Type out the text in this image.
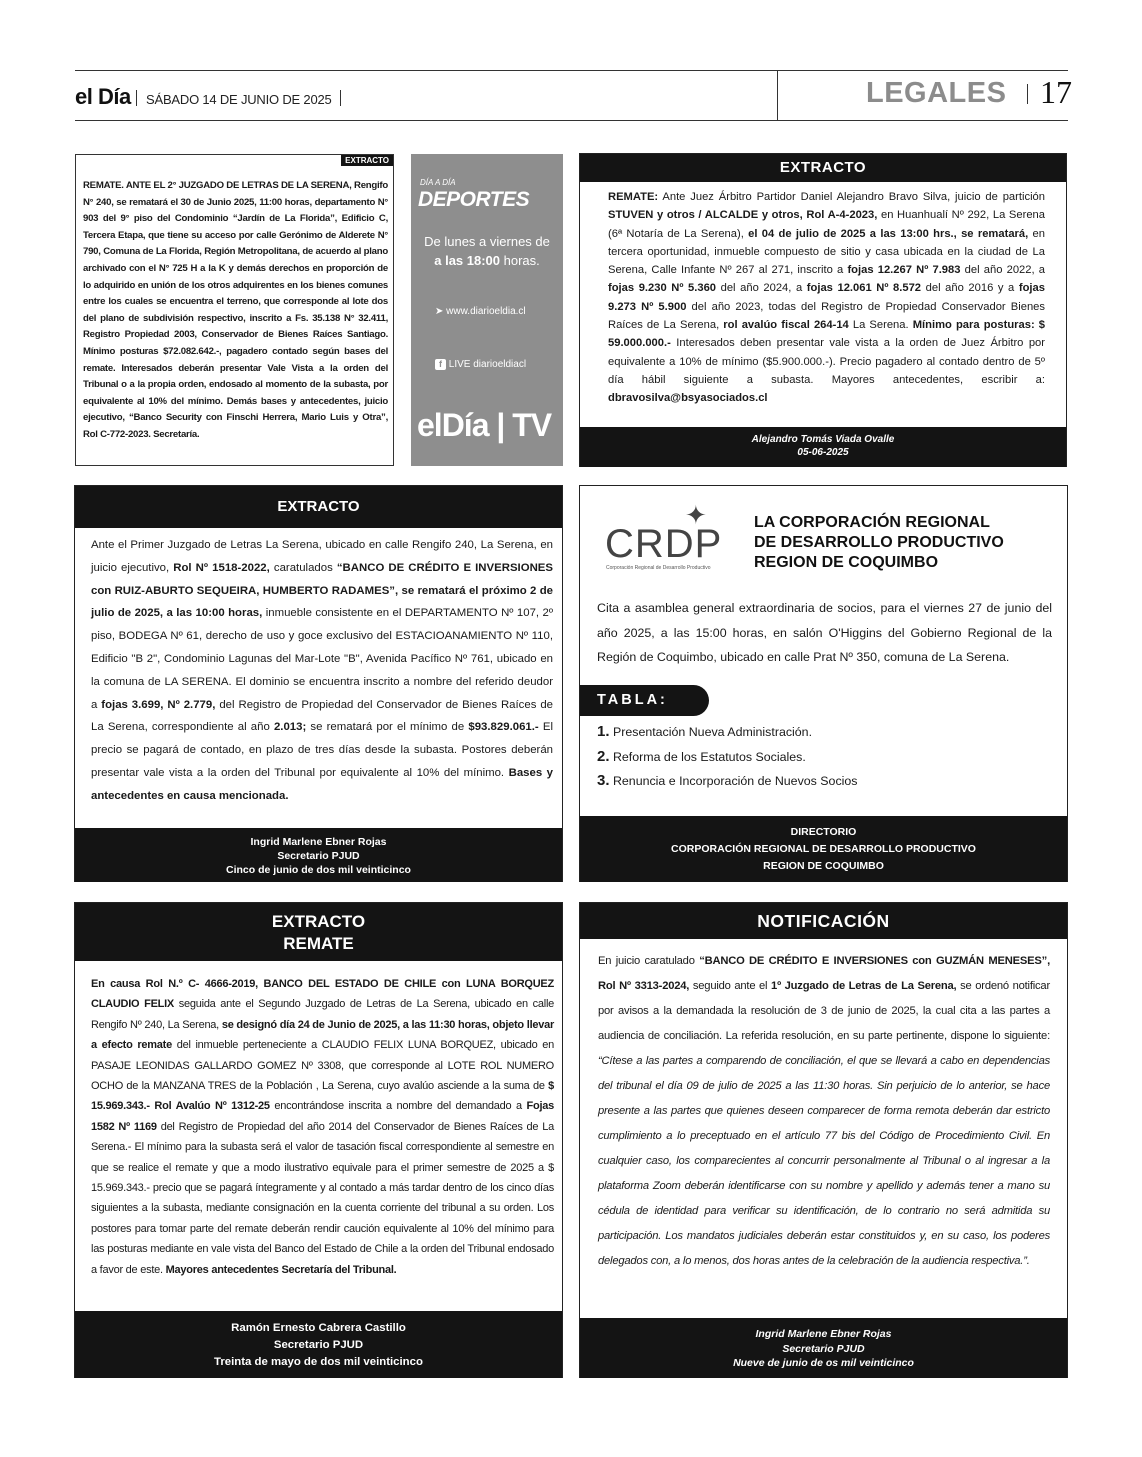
el Día SÁBADO 14 DE JUNIO DE 2025	LEGALES 17
EXTRACTO
REMATE. ANTE EL 2° JUZGADO DE LETRAS DE LA SERENA, Rengifo N° 240, se rematará el 30 de Junio 2025, 11:00 horas, departamento N° 903 del 9° piso del Condominio “Jardín de La Florida”, Edificio C, Tercera Etapa, que tiene su acceso por calle Gerónimo de Alderete N° 790, Comuna de La Florida, Región Metropolitana, de acuerdo al plano archivado con el N° 725 H a la K y demás derechos en proporción de lo adquirido en unión de los otros adquirentes en los bienes comunes entre los cuales se encuentra el terreno, que corresponde al lote dos del plano de subdivisión respectivo, inscrito a Fs. 35.138 N° 32.411, Registro Propiedad 2003, Conservador de Bienes Raíces Santiago. Mínimo posturas $72.082.642.-, pagadero contado según bases del remate. Interesados deberán presentar Vale Vista a la orden del Tribunal o a la propia orden, endosado al momento de la subasta, por equivalente al 10% del mínimo. Demás bases y antecedentes, juicio ejecutivo, “Banco Security con Finschi Herrera, Mario Luis y Otra”, Rol C-772-2023. Secretaría.
DÍA A DÍA
DEPORTES
De lunes a viernes de
a las 18:00 horas.
➤ www.diarioeldia.cl
f LIVE diarioeldiacl
elDía | TV
EXTRACTO
REMATE: Ante Juez Árbitro Partidor Daniel Alejandro Bravo Silva, juicio de partición STUVEN y otros / ALCALDE y otros, Rol A-4-2023, en Huanhualí Nº 292, La Serena (6ª Notaría de La Serena), el 04 de julio de 2025 a las 13:00 hrs., se rematará, en tercera oportunidad, inmueble compuesto de sitio y casa ubicada en la ciudad de La Serena, Calle Infante Nº 267 al 271, inscrito a fojas 12.267 Nº 7.983 del año 2022, a fojas 9.230 Nº 5.360 del año 2024, a fojas 12.061 Nº 8.572 del año 2016 y a fojas 9.273 Nº 5.900 del año 2023, todas del Registro de Propiedad Conservador Bienes Raíces de La Serena, rol avalúo fiscal 264-14 La Serena. Mínimo para posturas: $ 59.000.000.- Interesados deben presentar vale vista a la orden de Juez Árbitro por equivalente a 10% de mínimo ($5.900.000.-). Precio pagadero al contado dentro de 5º día hábil siguiente a subasta. Mayores antecedentes, escribir a: dbravosilva@bsyasociados.cl
Alejandro Tomás Viada Ovalle
05-06-2025
EXTRACTO
Ante el Primer Juzgado de Letras La Serena, ubicado en calle Rengifo 240, La Serena, en juicio ejecutivo, Rol Nº 1518-2022, caratulados “BANCO DE CRÉDITO E INVERSIONES con RUIZ-ABURTO SEQUEIRA, HUMBERTO RADAMES”, se rematará el próximo 2 de julio de 2025, a las 10:00 horas, inmueble consistente en el DEPARTAMENTO Nº 107, 2º piso, BODEGA Nº 61, derecho de uso y goce exclusivo del ESTACIOANAMIENTO Nº 110, Edificio "B 2", Condominio Lagunas del Mar-Lote "B", Avenida Pacífico Nº 761, ubicado en la comuna de LA SERENA. El dominio se encuentra inscrito a nombre del referido deudor a fojas 3.699, Nº 2.779, del Registro de Propiedad del Conservador de Bienes Raíces de La Serena, correspondiente al año 2.013; se rematará por el mínimo de $93.829.061.- El precio se pagará de contado, en plazo de tres días desde la subasta. Postores deberán presentar vale vista a la orden del Tribunal por equivalente al 10% del mínimo. Bases y antecedentes en causa mencionada.
Ingrid Marlene Ebner Rojas
Secretario PJUD
Cinco de junio de dos mil veinticinco
✦
CRDP
Corporación Regional de Desarrollo Productivo
LA CORPORACIÓN REGIONAL
DE DESARROLLO PRODUCTIVO
REGION DE COQUIMBO
Cita a asamblea general extraordinaria de socios, para el viernes 27 de junio del año 2025, a las 15:00 horas, en salón O'Higgins del Gobierno Regional de la Región de Coquimbo, ubicado en calle Prat Nº 350, comuna de La Serena.
TABLA:
1. Presentación Nueva Administración.
2. Reforma de los Estatutos Sociales.
3. Renuncia e Incorporación de Nuevos Socios
DIRECTORIO
CORPORACIÓN REGIONAL DE DESARROLLO PRODUCTIVO
REGION DE COQUIMBO
EXTRACTO
REMATE
En causa Rol N.º C- 4666-2019, BANCO DEL ESTADO DE CHILE con LUNA BORQUEZ CLAUDIO FELIX seguida ante el Segundo Juzgado de Letras de La Serena, ubicado en calle Rengifo Nº 240, La Serena, se designó día 24 de Junio de 2025, a las 11:30 horas, objeto llevar a efecto remate del inmueble perteneciente a CLAUDIO FELIX LUNA BORQUEZ, ubicado en PASAJE LEONIDAS GALLARDO GOMEZ Nº 3308, que corresponde al LOTE ROL NUMERO OCHO de la MANZANA TRES de la Población , La Serena, cuyo avalúo asciende a la suma de $ 15.969.343.- Rol Avalúo Nº 1312-25 encontrándose inscrita a nombre del demandado a Fojas 1582 Nº 1169 del Registro de Propiedad del año 2014 del Conservador de Bienes Raíces de La Serena.- El mínimo para la subasta será el valor de tasación fiscal correspondiente al semestre en que se realice el remate y que a modo ilustrativo equivale para el primer semestre de 2025 a $ 15.969.343.- precio que se pagará íntegramente y al contado a más tardar dentro de los cinco días siguientes a la subasta, mediante consignación en la cuenta corriente del tribunal a su orden. Los postores para tomar parte del remate deberán rendir caución equivalente al 10% del mínimo para las posturas mediante en vale vista del Banco del Estado de Chile a la orden del Tribunal endosado a favor de este. Mayores antecedentes Secretaría del Tribunal.
Ramón Ernesto Cabrera Castillo
Secretario PJUD
Treinta de mayo de dos mil veinticinco
NOTIFICACIÓN
En juicio caratulado “BANCO DE CRÉDITO E INVERSIONES con GUZMÁN MENESES”, Rol Nº 3313-2024, seguido ante el 1º Juzgado de Letras de La Serena, se ordenó notificar por avisos a la demandada la resolución de 3 de junio de 2025, la cual cita a las partes a audiencia de conciliación. La referida resolución, en su parte pertinente, dispone lo siguiente: “Cítese a las partes a comparendo de conciliación, el que se llevará a cabo en dependencias del tribunal el día 09 de julio de 2025 a las 11:30 horas. Sin perjuicio de lo anterior, se hace presente a las partes que quienes deseen comparecer de forma remota deberán dar estricto cumplimiento a lo preceptuado en el artículo 77 bis del Código de Procedimiento Civil. En cualquier caso, los comparecientes al concurrir personalmente al Tribunal o al ingresar a la plataforma Zoom deberán identificarse con su nombre y apellido y además tener a mano su cédula de identidad para verificar su identificación, de lo contrario no será admitida su participación. Los mandatos judiciales deberán estar constituidos y, en su caso, los poderes delegados con, a lo menos, dos horas antes de la celebración de la audiencia respectiva.”.
Ingrid Marlene Ebner Rojas
Secretario PJUD
Nueve de junio de os mil veinticinco
